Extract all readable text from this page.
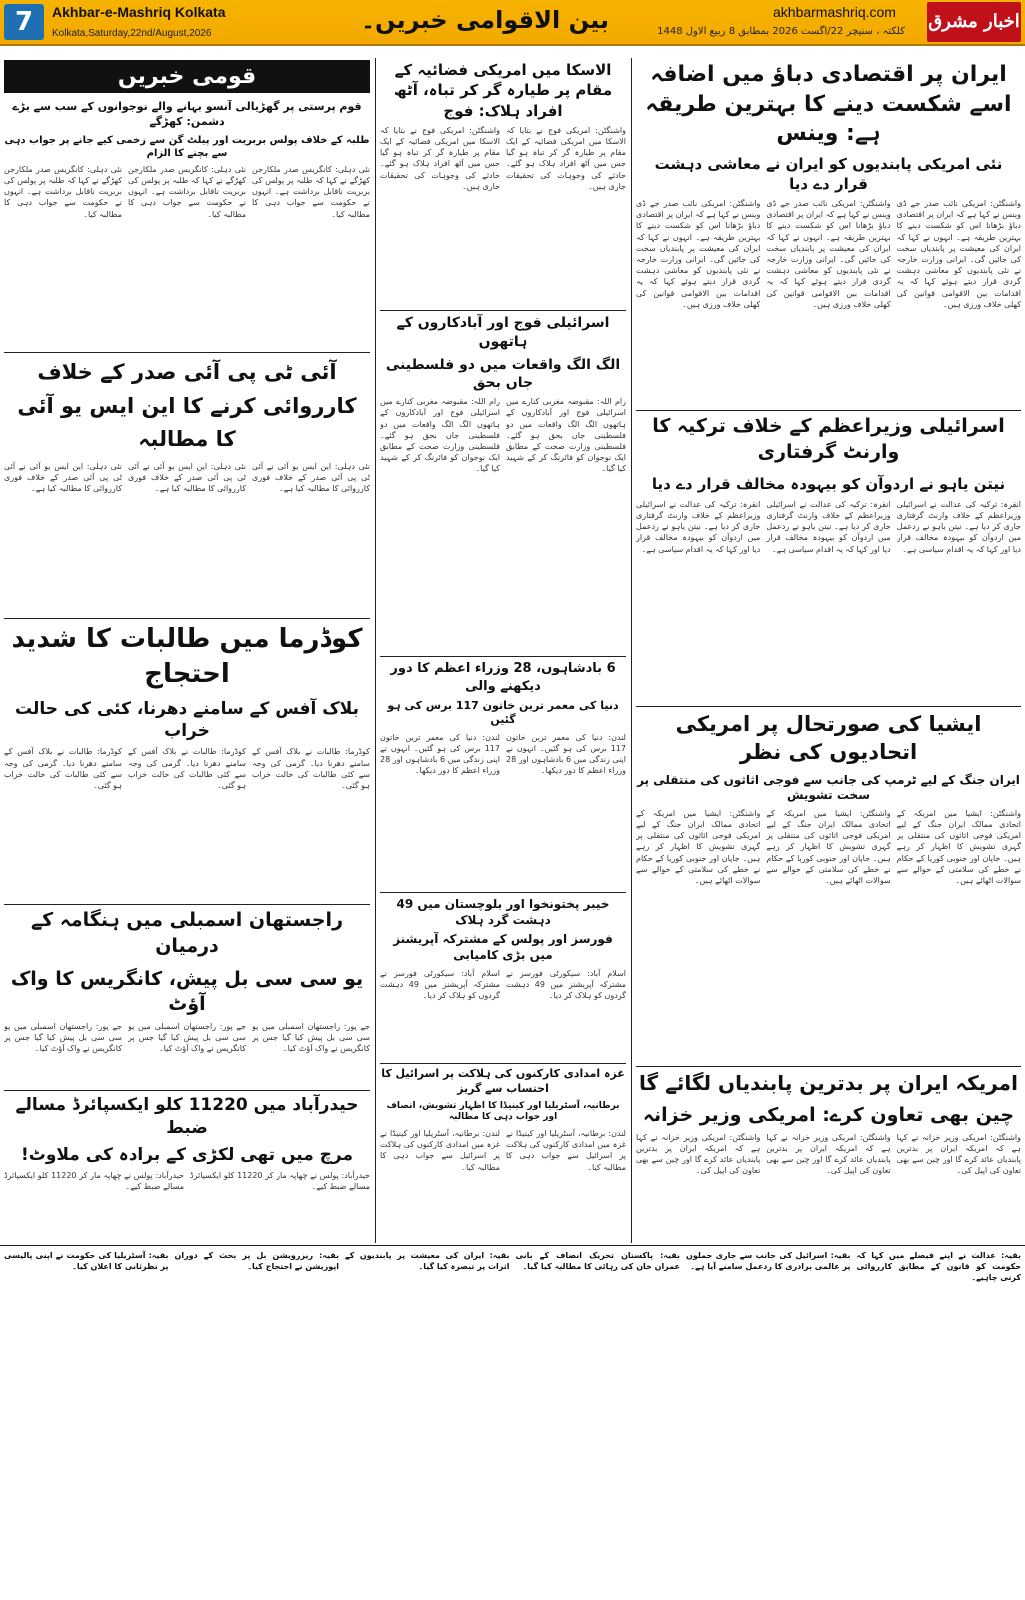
7	Akhbar-e-Mashriq Kolkata
Kolkata,Saturday,22nd/August,2026	بین الاقوامی خبریں۔	akhbarmashriq.com
کلکتہ ، سنیچر 22/اگست 2026 بمطابق 8 ربیع الاول 1448 اخبار مشرق
ایران پر اقتصادی دباؤ میں اضافہ اسے شکست دینے کا بہترین طریقہ ہے: وینس
نئی امریکی پابندیوں کو ایران نے معاشی دہشت قرار دے دیا
واشنگٹن: امریکی نائب صدر جے ڈی وینس نے کہا ہے کہ ایران پر اقتصادی دباؤ بڑھانا اس کو شکست دینے کا بہترین طریقہ ہے۔ انہوں نے کہا کہ ایران کی معیشت پر پابندیاں سخت کی جائیں گی۔ ایرانی وزارت خارجہ نے نئی پابندیوں کو معاشی دہشت گردی قرار دیتے ہوئے کہا کہ یہ اقدامات بین الاقوامی قوانین کی کھلی خلاف ورزی ہیں۔
واشنگٹن: امریکی نائب صدر جے ڈی وینس نے کہا ہے کہ ایران پر اقتصادی دباؤ بڑھانا اس کو شکست دینے کا بہترین طریقہ ہے۔ انہوں نے کہا کہ ایران کی معیشت پر پابندیاں سخت کی جائیں گی۔ ایرانی وزارت خارجہ نے نئی پابندیوں کو معاشی دہشت گردی قرار دیتے ہوئے کہا کہ یہ اقدامات بین الاقوامی قوانین کی کھلی خلاف ورزی ہیں۔
واشنگٹن: امریکی نائب صدر جے ڈی وینس نے کہا ہے کہ ایران پر اقتصادی دباؤ بڑھانا اس کو شکست دینے کا بہترین طریقہ ہے۔ انہوں نے کہا کہ ایران کی معیشت پر پابندیاں سخت کی جائیں گی۔ ایرانی وزارت خارجہ نے نئی پابندیوں کو معاشی دہشت گردی قرار دیتے ہوئے کہا کہ یہ اقدامات بین الاقوامی قوانین کی کھلی خلاف ورزی ہیں۔
اسرائیلی وزیراعظم کے خلاف ترکیہ کا وارنٹ گرفتاری
نیتن یاہو نے اردوآن کو بیہودہ مخالف قرار دے دیا
انقرہ: ترکیہ کی عدالت نے اسرائیلی وزیراعظم کے خلاف وارنٹ گرفتاری جاری کر دیا ہے۔ نیتن یاہو نے ردعمل میں اردوآن کو بیہودہ مخالف قرار دیا اور کہا کہ یہ اقدام سیاسی ہے۔
انقرہ: ترکیہ کی عدالت نے اسرائیلی وزیراعظم کے خلاف وارنٹ گرفتاری جاری کر دیا ہے۔ نیتن یاہو نے ردعمل میں اردوآن کو بیہودہ مخالف قرار دیا اور کہا کہ یہ اقدام سیاسی ہے۔
انقرہ: ترکیہ کی عدالت نے اسرائیلی وزیراعظم کے خلاف وارنٹ گرفتاری جاری کر دیا ہے۔ نیتن یاہو نے ردعمل میں اردوآن کو بیہودہ مخالف قرار دیا اور کہا کہ یہ اقدام سیاسی ہے۔
ایشیا کی صورتحال پر امریکی اتحادیوں کی نظر
ایران جنگ کے لیے ٹرمپ کی جانب سے فوجی اثاثوں کی منتقلی پر سخت تشویش
واشنگٹن: ایشیا میں امریکہ کے اتحادی ممالک ایران جنگ کے لیے امریکی فوجی اثاثوں کی منتقلی پر گہری تشویش کا اظہار کر رہے ہیں۔ جاپان اور جنوبی کوریا کے حکام نے خطے کی سلامتی کے حوالے سے سوالات اٹھائے ہیں۔
واشنگٹن: ایشیا میں امریکہ کے اتحادی ممالک ایران جنگ کے لیے امریکی فوجی اثاثوں کی منتقلی پر گہری تشویش کا اظہار کر رہے ہیں۔ جاپان اور جنوبی کوریا کے حکام نے خطے کی سلامتی کے حوالے سے سوالات اٹھائے ہیں۔
واشنگٹن: ایشیا میں امریکہ کے اتحادی ممالک ایران جنگ کے لیے امریکی فوجی اثاثوں کی منتقلی پر گہری تشویش کا اظہار کر رہے ہیں۔ جاپان اور جنوبی کوریا کے حکام نے خطے کی سلامتی کے حوالے سے سوالات اٹھائے ہیں۔
امریکہ ایران پر بدترین پابندیاں لگائے گا
چین بھی تعاون کرے: امریکی وزیر خزانہ
واشنگٹن: امریکی وزیر خزانہ نے کہا ہے کہ امریکہ ایران پر بدترین پابندیاں عائد کرے گا اور چین سے بھی تعاون کی اپیل کی۔
واشنگٹن: امریکی وزیر خزانہ نے کہا ہے کہ امریکہ ایران پر بدترین پابندیاں عائد کرے گا اور چین سے بھی تعاون کی اپیل کی۔
واشنگٹن: امریکی وزیر خزانہ نے کہا ہے کہ امریکہ ایران پر بدترین پابندیاں عائد کرے گا اور چین سے بھی تعاون کی اپیل کی۔
الاسکا میں امریکی فضائیہ کے مقام پر طیارہ گر کر تباہ، آٹھ افراد ہلاک: فوج
واشنگٹن: امریکی فوج نے بتایا کہ الاسکا میں امریکی فضائیہ کے ایک مقام پر طیارہ گر کر تباہ ہو گیا جس میں آٹھ افراد ہلاک ہو گئے۔ حادثے کی وجوہات کی تحقیقات جاری ہیں۔
واشنگٹن: امریکی فوج نے بتایا کہ الاسکا میں امریکی فضائیہ کے ایک مقام پر طیارہ گر کر تباہ ہو گیا جس میں آٹھ افراد ہلاک ہو گئے۔ حادثے کی وجوہات کی تحقیقات جاری ہیں۔
اسرائیلی فوج اور آبادکاروں کے ہاتھوں
الگ الگ واقعات میں دو فلسطینی جاں بحق
رام اللہ: مقبوضہ مغربی کنارے میں اسرائیلی فوج اور آبادکاروں کے ہاتھوں الگ الگ واقعات میں دو فلسطینی جاں بحق ہو گئے۔ فلسطینی وزارت صحت کے مطابق ایک نوجوان کو فائرنگ کر کے شہید کیا گیا۔
رام اللہ: مقبوضہ مغربی کنارے میں اسرائیلی فوج اور آبادکاروں کے ہاتھوں الگ الگ واقعات میں دو فلسطینی جاں بحق ہو گئے۔ فلسطینی وزارت صحت کے مطابق ایک نوجوان کو فائرنگ کر کے شہید کیا گیا۔
6 بادشاہوں، 28 وزراء اعظم کا دور دیکھنے والی
دنیا کی معمر ترین خاتون 117 برس کی ہو گئیں
لندن: دنیا کی معمر ترین خاتون 117 برس کی ہو گئیں۔ انہوں نے اپنی زندگی میں 6 بادشاہوں اور 28 وزراء اعظم کا دور دیکھا۔
لندن: دنیا کی معمر ترین خاتون 117 برس کی ہو گئیں۔ انہوں نے اپنی زندگی میں 6 بادشاہوں اور 28 وزراء اعظم کا دور دیکھا۔
خیبر پختونخوا اور بلوچستان میں 49 دہشت گرد ہلاک
فورسز اور پولس کے مشترکہ آپریشنز میں بڑی کامیابی
اسلام آباد: سیکورٹی فورسز نے مشترکہ آپریشنز میں 49 دہشت گردوں کو ہلاک کر دیا۔
اسلام آباد: سیکورٹی فورسز نے مشترکہ آپریشنز میں 49 دہشت گردوں کو ہلاک کر دیا۔
غزہ امدادی کارکنوں کی ہلاکت پر اسرائیل کا احتساب سے گریز
برطانیہ، آسٹریلیا اور کینیڈا کا اظہار تشویش، انصاف اور جواب دہی کا مطالبہ
لندن: برطانیہ، آسٹریلیا اور کینیڈا نے غزہ میں امدادی کارکنوں کی ہلاکت پر اسرائیل سے جواب دہی کا مطالبہ کیا۔
لندن: برطانیہ، آسٹریلیا اور کینیڈا نے غزہ میں امدادی کارکنوں کی ہلاکت پر اسرائیل سے جواب دہی کا مطالبہ کیا۔
قومی خبریں
قوم پرستی پر گھڑیالی آنسو بہانے والے نوجوانوں کے سب سے بڑے دشمن: کھڑگے
طلبہ کے خلاف پولس بربریت اور پیلٹ گن سے زخمی کیے جانے پر جواب دہی سے بچنے کا الزام
نئی دہلی: کانگریس صدر ملکارجن کھڑگے نے کہا کہ طلبہ پر پولس کی بربریت ناقابل برداشت ہے۔ انہوں نے حکومت سے جواب دہی کا مطالبہ کیا۔
نئی دہلی: کانگریس صدر ملکارجن کھڑگے نے کہا کہ طلبہ پر پولس کی بربریت ناقابل برداشت ہے۔ انہوں نے حکومت سے جواب دہی کا مطالبہ کیا۔
نئی دہلی: کانگریس صدر ملکارجن کھڑگے نے کہا کہ طلبہ پر پولس کی بربریت ناقابل برداشت ہے۔ انہوں نے حکومت سے جواب دہی کا مطالبہ کیا۔
آئی ٹی پی آئی صدر کے خلاف کارروائی کرنے کا این ایس یو آئی کا مطالبہ
نئی دہلی: این ایس یو آئی نے آئی ٹی پی آئی صدر کے خلاف فوری کارروائی کا مطالبہ کیا ہے۔
نئی دہلی: این ایس یو آئی نے آئی ٹی پی آئی صدر کے خلاف فوری کارروائی کا مطالبہ کیا ہے۔
نئی دہلی: این ایس یو آئی نے آئی ٹی پی آئی صدر کے خلاف فوری کارروائی کا مطالبہ کیا ہے۔
کوڈرما میں طالبات کا شدید احتجاج
بلاک آفس کے سامنے دھرنا، کئی کی حالت خراب
کوڈرما: طالبات نے بلاک آفس کے سامنے دھرنا دیا۔ گرمی کی وجہ سے کئی طالبات کی حالت خراب ہو گئی۔
کوڈرما: طالبات نے بلاک آفس کے سامنے دھرنا دیا۔ گرمی کی وجہ سے کئی طالبات کی حالت خراب ہو گئی۔
کوڈرما: طالبات نے بلاک آفس کے سامنے دھرنا دیا۔ گرمی کی وجہ سے کئی طالبات کی حالت خراب ہو گئی۔
راجستھان اسمبلی میں ہنگامہ کے درمیان
یو سی سی بل پیش، کانگریس کا واک آؤٹ
جے پور: راجستھان اسمبلی میں یو سی سی بل پیش کیا گیا جس پر کانگریس نے واک آؤٹ کیا۔
جے پور: راجستھان اسمبلی میں یو سی سی بل پیش کیا گیا جس پر کانگریس نے واک آؤٹ کیا۔
جے پور: راجستھان اسمبلی میں یو سی سی بل پیش کیا گیا جس پر کانگریس نے واک آؤٹ کیا۔
حیدرآباد میں 11220 کلو ایکسپائرڈ مسالے ضبط
مرچ میں تھی لکڑی کے برادہ کی ملاوٹ!
حیدرآباد: پولس نے چھاپہ مار کر 11220 کلو ایکسپائرڈ مسالے ضبط کیے۔
حیدرآباد: پولس نے چھاپہ مار کر 11220 کلو ایکسپائرڈ مسالے ضبط کیے۔

بقیہ: عدالت نے اپنے فیصلے میں کہا کہ حکومت کو قانون کے مطابق کارروائی کرنی چاہیے۔

بقیہ: اسرائیل کی جانب سے جاری حملوں پر عالمی برادری کا ردعمل سامنے آیا ہے۔

بقیہ: پاکستان تحریک انصاف کے بانی عمران خان کی رہائی کا مطالبہ کیا گیا۔

بقیہ: ایران کی معیشت پر پابندیوں کے اثرات پر تبصرہ کیا گیا۔

بقیہ: ریزرویشن بل پر بحث کے دوران اپوزیشن نے احتجاج کیا۔

بقیہ: آسٹریلیا کی حکومت نے اپنی پالیسی پر نظرثانی کا اعلان کیا۔
